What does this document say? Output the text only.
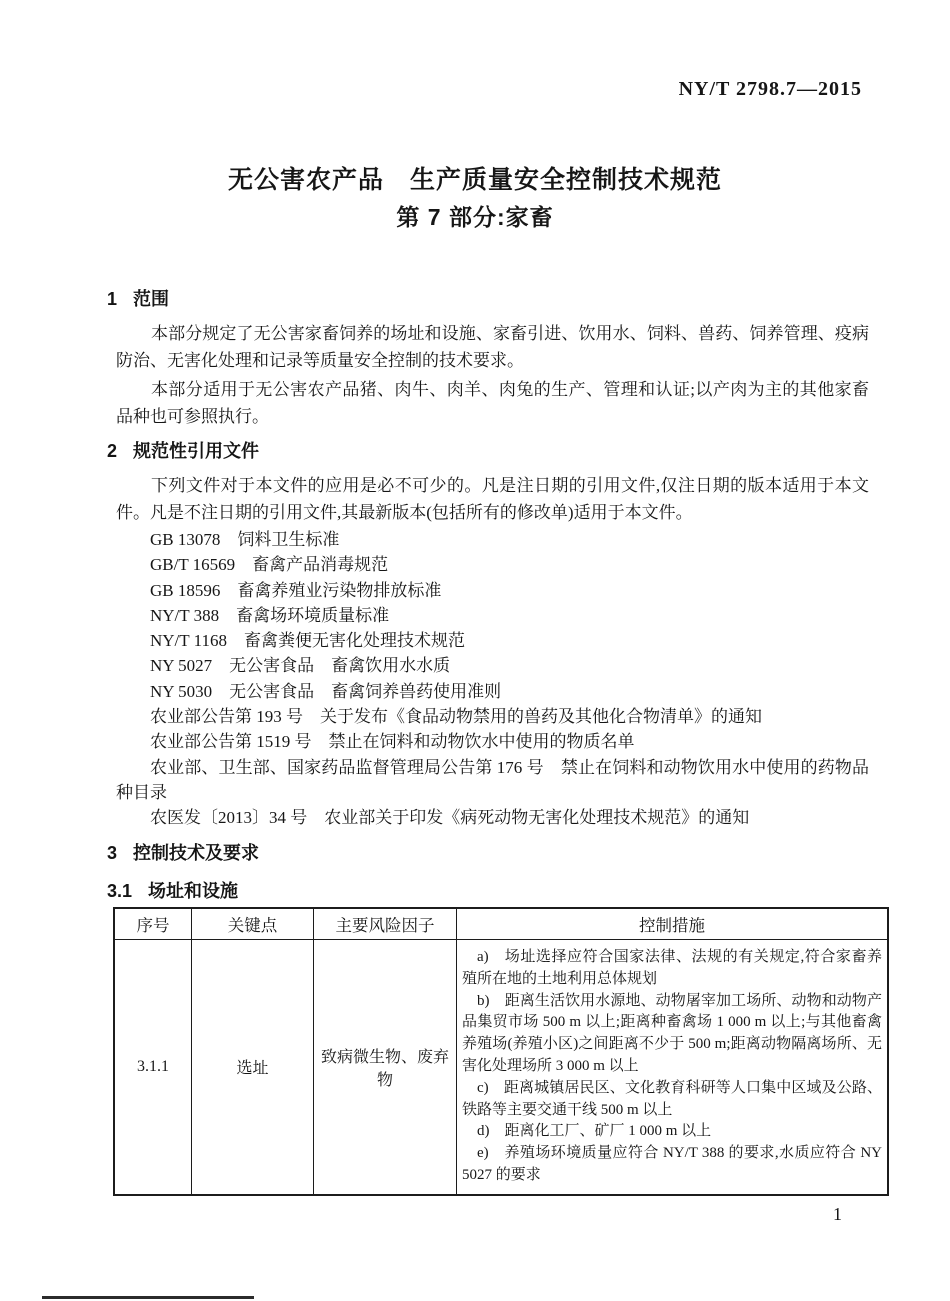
NY/T 2798.7—2015
无公害农产品　生产质量安全控制技术规范
第 7 部分:家畜
1 范围

本部分规定了无公害家畜饲养的场址和设施、家畜引进、饮用水、饲料、兽药、饲养管理、疫病防治、无害化处理和记录等质量安全控制的技术要求。

本部分适用于无公害农产品猪、肉牛、肉羊、肉兔的生产、管理和认证;以产肉为主的其他家畜品种也可参照执行。

2 规范性引用文件

下列文件对于本文件的应用是必不可少的。凡是注日期的引用文件,仅注日期的版本适用于本文件。凡是不注日期的引用文件,其最新版本(包括所有的修改单)适用于本文件。

GB 13078　饲料卫生标准

GB/T 16569　畜禽产品消毒规范

GB 18596　畜禽养殖业污染物排放标准

NY/T 388　畜禽场环境质量标准

NY/T 1168　畜禽粪便无害化处理技术规范

NY 5027　无公害食品　畜禽饮用水水质

NY 5030　无公害食品　畜禽饲养兽药使用准则

农业部公告第 193 号　关于发布《食品动物禁用的兽药及其他化合物清单》的通知

农业部公告第 1519 号　禁止在饲料和动物饮水中使用的物质名单

农业部、卫生部、国家药品监督管理局公告第 176 号　禁止在饲料和动物饮用水中使用的药物品种目录

农医发〔2013〕34 号　农业部关于印发《病死动物无害化处理技术规范》的通知

3 控制技术及要求
3.1 场址和设施
序号	关键点	主要风险因子	控制措施
3.1.1	选址	致病微生物、废弃物	a)　场址选择应符合国家法律、法规的有关规定,符合家畜养殖所在地的土地利用总体规划

b)　距离生活饮用水源地、动物屠宰加工场所、动物和动物产品集贸市场 500 m 以上;距离种畜禽场 1 000 m 以上;与其他畜禽养殖场(养殖小区)之间距离不少于 500 m;距离动物隔离场所、无害化处理场所 3 000 m 以上

c)　距离城镇居民区、文化教育科研等人口集中区域及公路、铁路等主要交通干线 500 m 以上

d)　距离化工厂、矿厂 1 000 m 以上

e)　养殖场环境质量应符合 NY/T 388 的要求,水质应符合 NY 5027 的要求

1
